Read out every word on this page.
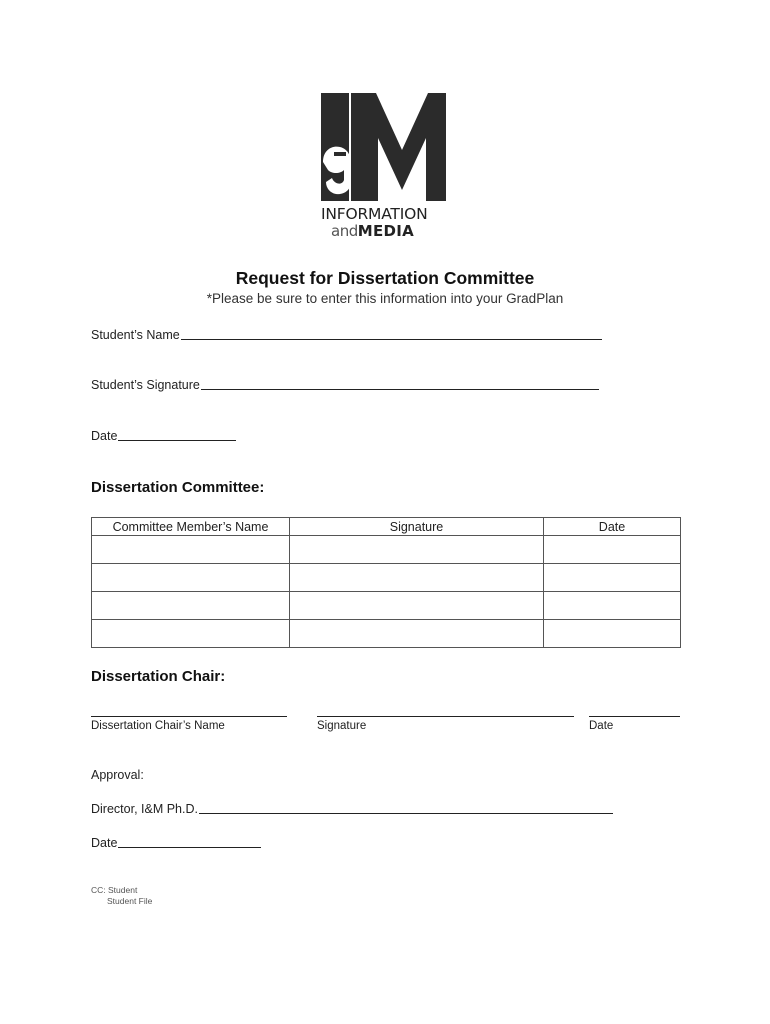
INFORMATION
andMEDIA
Request for Dissertation Committee
*Please be sure to enter this information into your GradPlan
Student’s Name
Student’s Signature
Date
Dissertation Committee:
Committee Member’s Name	Signature	Date

Dissertation Chair:
Dissertation Chair’s Name	Signature	Date
Approval:
Director, I&M Ph.D.
Date
CC: Student
Student File
